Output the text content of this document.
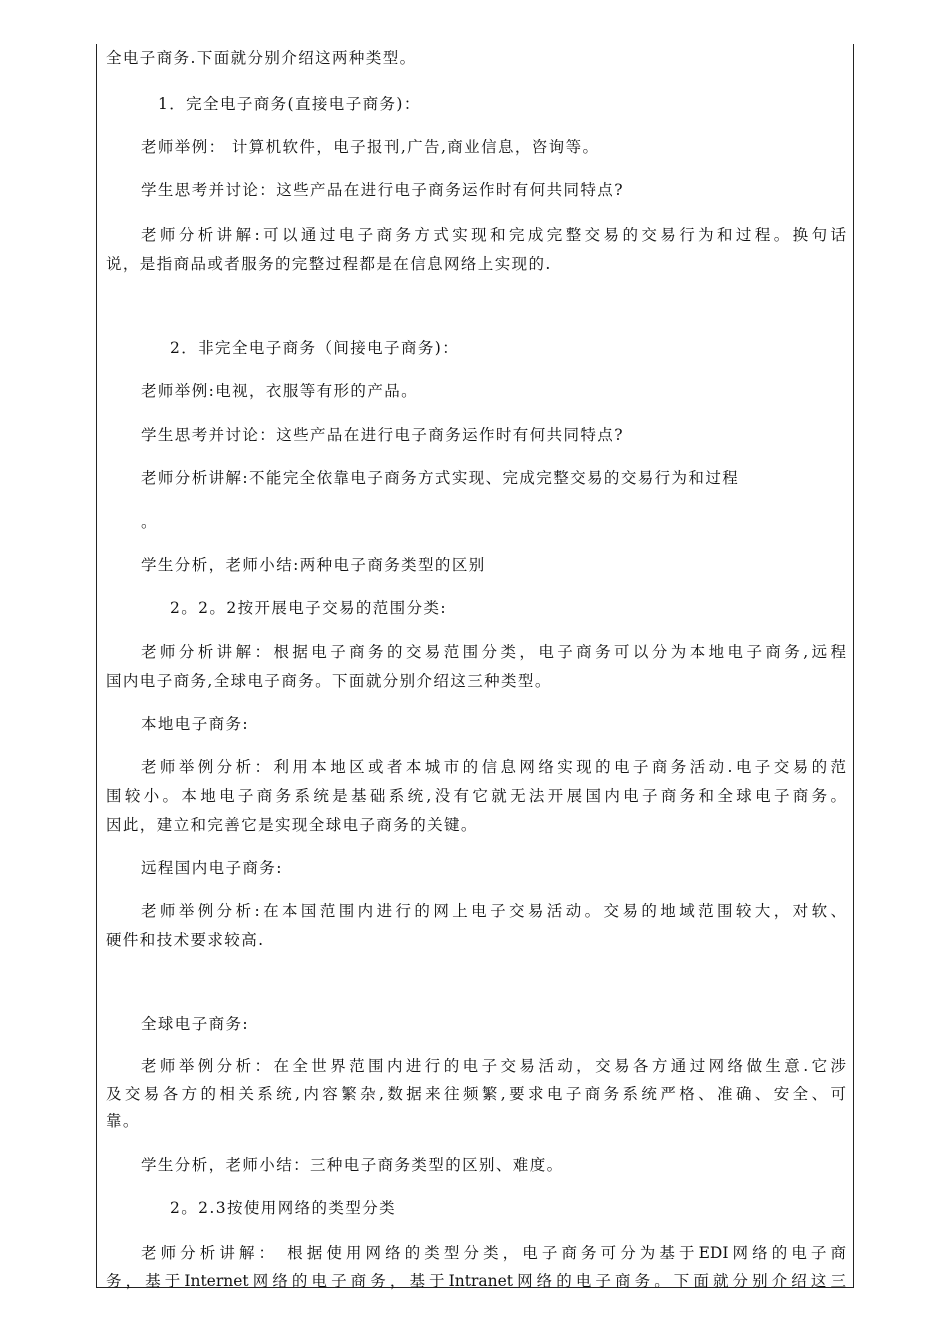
全电子商务.下面就分别介绍这两种类型。
1．完全电子商务(直接电子商务)：
老师举例： 计算机软件，电子报刊,广告,商业信息，咨询等。
学生思考并讨论：这些产品在进行电子商务运作时有何共同特点?
老师分析讲解:可以通过电子商务方式实现和完成完整交易的交易行为和过程。换句话
说，是指商品或者服务的完整过程都是在信息网络上实现的.
2．非完全电子商务（间接电子商务)：
老师举例:电视，衣服等有形的产品。
学生思考并讨论：这些产品在进行电子商务运作时有何共同特点?
老师分析讲解:不能完全依靠电子商务方式实现、完成完整交易的交易行为和过程
。
学生分析，老师小结:两种电子商务类型的区别
2。2。2按开展电子交易的范围分类:
老师分析讲解：根据电子商务的交易范围分类，电子商务可以分为本地电子商务,远程
国内电子商务,全球电子商务。下面就分别介绍这三种类型。
本地电子商务:
老师举例分析：利用本地区或者本城市的信息网络实现的电子商务活动.电子交易的范
围较小。本地电子商务系统是基础系统,没有它就无法开展国内电子商务和全球电子商务。
因此，建立和完善它是实现全球电子商务的关键。
远程国内电子商务:
老师举例分析:在本国范围内进行的网上电子交易活动。交易的地域范围较大，对软、
硬件和技术要求较高.
全球电子商务:
老师举例分析：在全世界范围内进行的电子交易活动，交易各方通过网络做生意.它涉
及交易各方的相关系统,内容繁杂,数据来往频繁,要求电子商务系统严格、准确、安全、可
靠。
学生分析，老师小结：三种电子商务类型的区别、难度。
2。2.3按使用网络的类型分类
老师分析讲解： 根据使用网络的类型分类，电子商务可分为基于EDI网络的电子商
务，基于Internet网络的电子商务，基于Intranet网络的电子商务。下面就分别介绍这三
